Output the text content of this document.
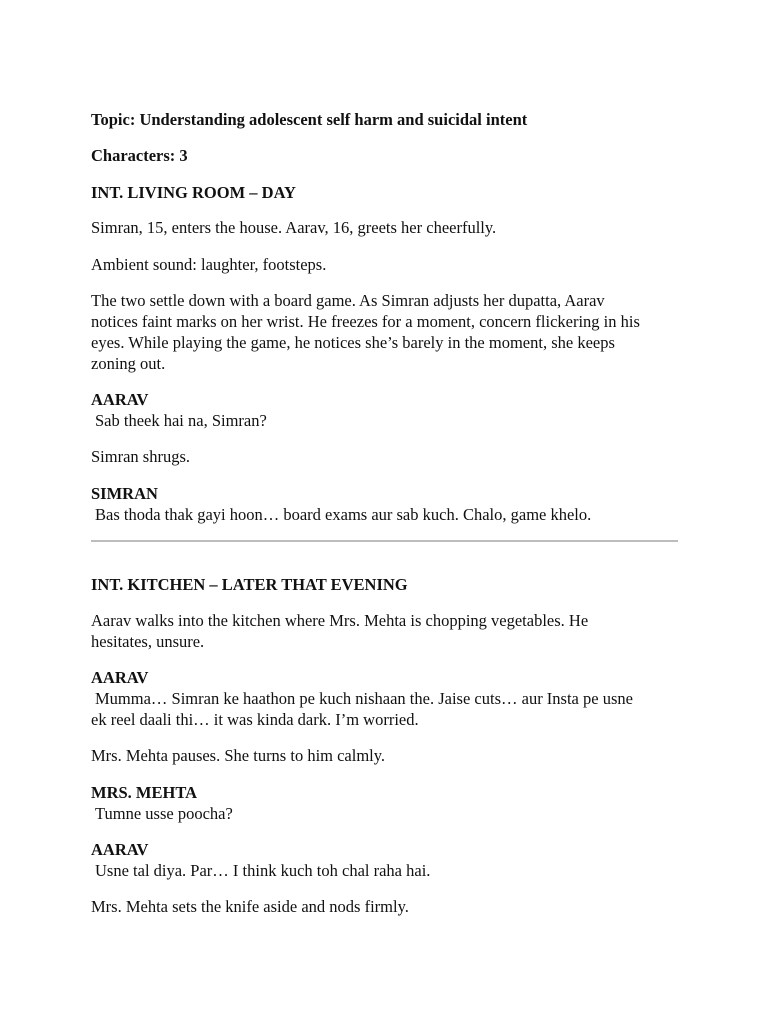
Topic: Understanding adolescent self harm and suicidal intent

Characters: 3

INT. LIVING ROOM – DAY

Simran, 15, enters the house. Aarav, 16, greets her cheerfully.

Ambient sound: laughter, footsteps.

The two settle down with a board game. As Simran adjusts her dupatta, Aarav

notices faint marks on her wrist. He freezes for a moment, concern flickering in his

eyes. While playing the game, he notices she’s barely in the moment, she keeps

zoning out.

AARAV

Sab theek hai na, Simran?

Simran shrugs.

SIMRAN

Bas thoda thak gayi hoon… board exams aur sab kuch. Chalo, game khelo.

INT. KITCHEN – LATER THAT EVENING

Aarav walks into the kitchen where Mrs. Mehta is chopping vegetables. He

hesitates, unsure.

AARAV

Mumma… Simran ke haathon pe kuch nishaan the. Jaise cuts… aur Insta pe usne

ek reel daali thi… it was kinda dark. I’m worried.

Mrs. Mehta pauses. She turns to him calmly.

MRS. MEHTA

Tumne usse poocha?

AARAV

Usne tal diya. Par… I think kuch toh chal raha hai.

Mrs. Mehta sets the knife aside and nods firmly.
